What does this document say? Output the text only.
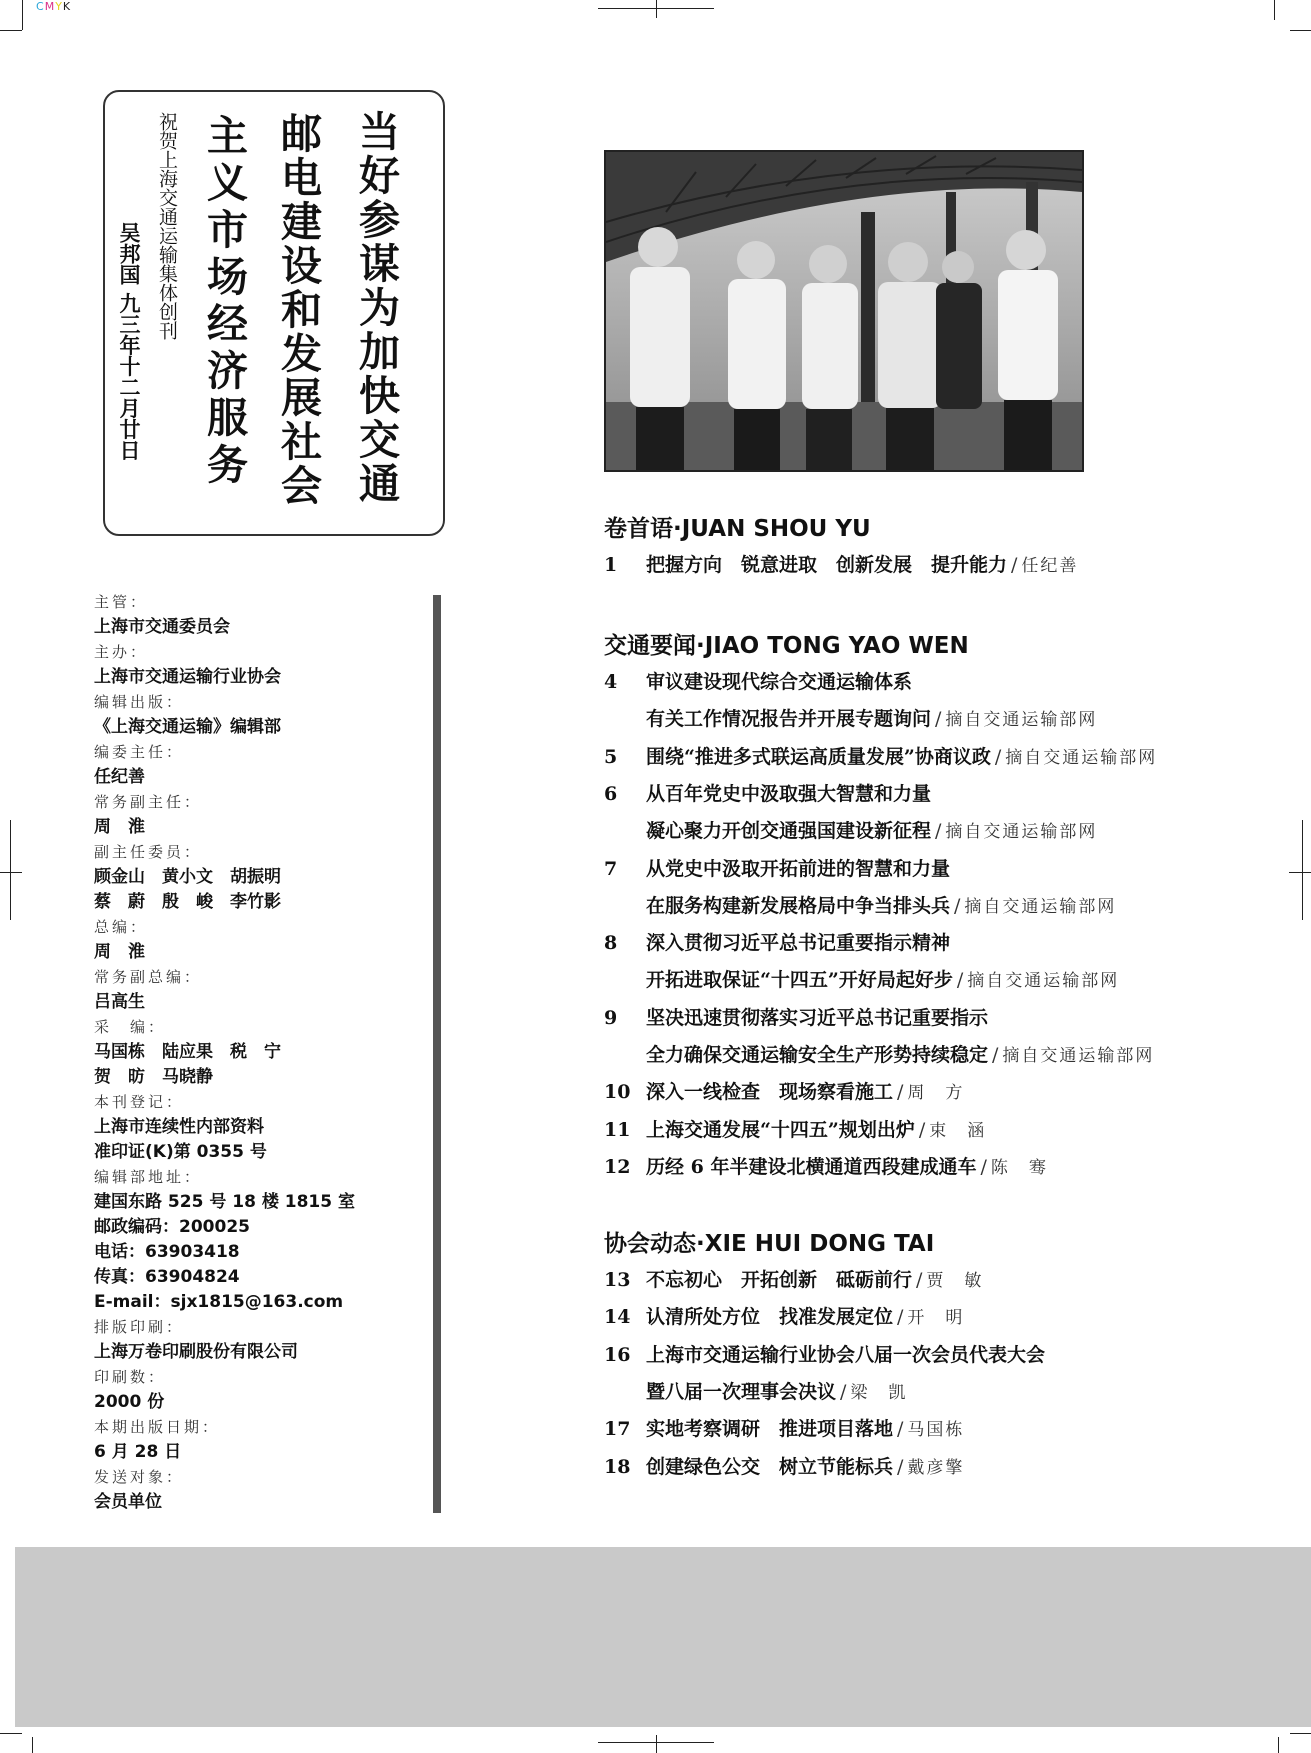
CMYK
当好参谋为加快交通
邮电建设和发展社会
主义市场经济服务
祝贺上海交通运输集体创刊
吴邦国 九三年十二月廿日
主管：
上海市交通委员会
主办：
上海市交通运输行业协会
编辑出版：
《上海交通运输》编辑部
编委主任：
任纪善
常务副主任：
周　淮
副主任委员：
顾金山　黄小文　胡振明
蔡　蔚　殷　峻　李竹影
总编：
周　淮
常务副总编：
吕高生
采　编：
马国栋　陆应果　税　宁
贺　昉　马晓静
本刊登记：
上海市连续性内部资料
准印证(K)第 0355 号
编辑部地址：
建国东路 525 号 18 楼 1815 室
邮政编码：200025
电话：63903418
传真：63904824
E-mail：sjx1815@163.com
排版印刷：
上海万卷印刷股份有限公司
印刷数：
2000 份
本期出版日期：
6 月 28 日
发送对象：
会员单位
卷首语·JUAN SHOU YU
1 把握方向　锐意进取　创新发展　提升能力 / 任纪善
交通要闻·JIAO TONG YAO WEN
4 审议建设现代综合交通运输体系
有关工作情况报告并开展专题询问 / 摘自交通运输部网
5 围绕“推进多式联运高质量发展”协商议政 / 摘自交通运输部网
6 从百年党史中汲取强大智慧和力量
凝心聚力开创交通强国建设新征程 / 摘自交通运输部网
7 从党史中汲取开拓前进的智慧和力量
在服务构建新发展格局中争当排头兵 / 摘自交通运输部网
8 深入贯彻习近平总书记重要指示精神
开拓进取保证“十四五”开好局起好步 / 摘自交通运输部网
9 坚决迅速贯彻落实习近平总书记重要指示
全力确保交通运输安全生产形势持续稳定 / 摘自交通运输部网
10 深入一线检查　现场察看施工 / 周　方
11 上海交通发展“十四五”规划出炉 / 束　涵
12 历经 6 年半建设北横通道西段建成通车 / 陈　骞
协会动态·XIE HUI DONG TAI
13 不忘初心　开拓创新　砥砺前行 / 贾　敏
14 认清所处方位　找准发展定位 / 开　明
16 上海市交通运输行业协会八届一次会员代表大会
暨八届一次理事会决议 / 梁　凯
17 实地考察调研　推进项目落地 / 马国栋
18 创建绿色公交　树立节能标兵 / 戴彦擎
